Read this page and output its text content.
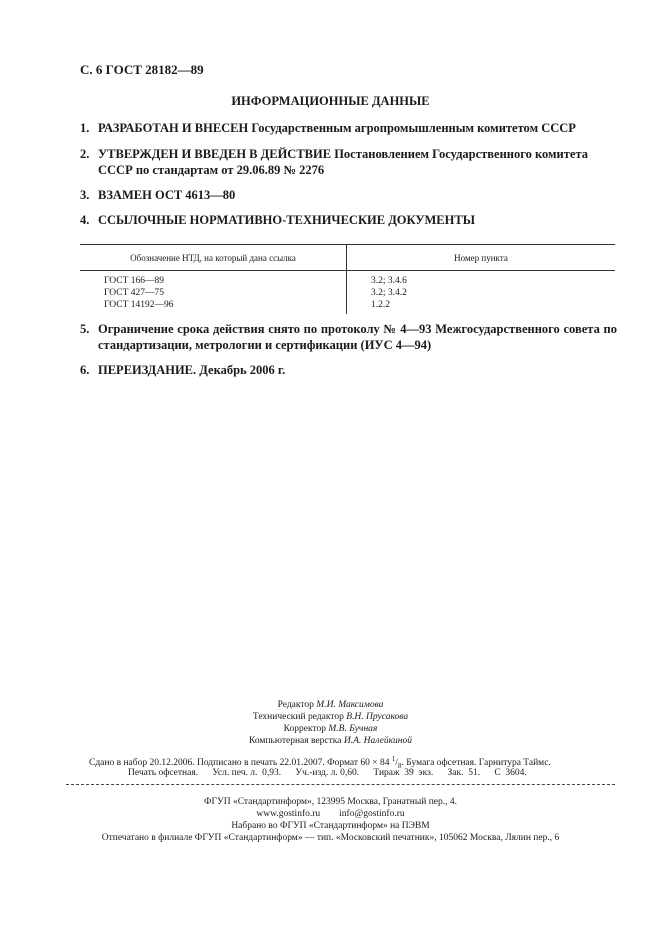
С. 6 ГОСТ 28182—89
ИНФОРМАЦИОННЫЕ ДАННЫЕ
1. РАЗРАБОТАН И ВНЕСЕН Государственным агропромышленным комитетом СССР
2. УТВЕРЖДЕН И ВВЕДЕН В ДЕЙСТВИЕ Постановлением Государственного комитета СССР по стандартам от 29.06.89 № 2276
3. ВЗАМЕН ОСТ 4613—80
4. ССЫЛОЧНЫЕ НОРМАТИВНО-ТЕХНИЧЕСКИЕ ДОКУМЕНТЫ
Обозначение НТД, на который дана ссылка	Номер пункта
ГОСТ 166—89	3.2; 3.4.6
ГОСТ 427—75	3.2; 3.4.2
ГОСТ 14192—96	1.2.2
5. Ограничение срока действия снято по протоколу № 4—93 Межгосударственного совета по стандартизации, метрологии и сертификации (ИУС 4—94)
6. ПЕРЕИЗДАНИЕ. Декабрь 2006 г.
Редактор М.И. Максимова
Технический редактор В.Н. Прусакова
Корректор М.В. Бучная
Компьютерная верстка И.А. Налейкиной
Сдано в набор 20.12.2006. Подписано в печать 22.01.2007. Формат 60 × 84 $^1/_8$. Бумага офсетная. Гарнитура Таймс.
Печать офсетная.      Усл. печ. л.  0,93.      Уч.-изд. л. 0,60.      Тираж  39  экз.      Зак.  51.      С  3604.
ФГУП «Стандартинформ», 123995 Москва, Гранатный пер., 4.
www.gostinfo.ru        info@gostinfo.ru
Набрано во ФГУП «Стандартинформ» на ПЭВМ
Отпечатано в филиале ФГУП «Стандартинформ» — тип. «Московский печатник», 105062 Москва, Лялин пер., 6
